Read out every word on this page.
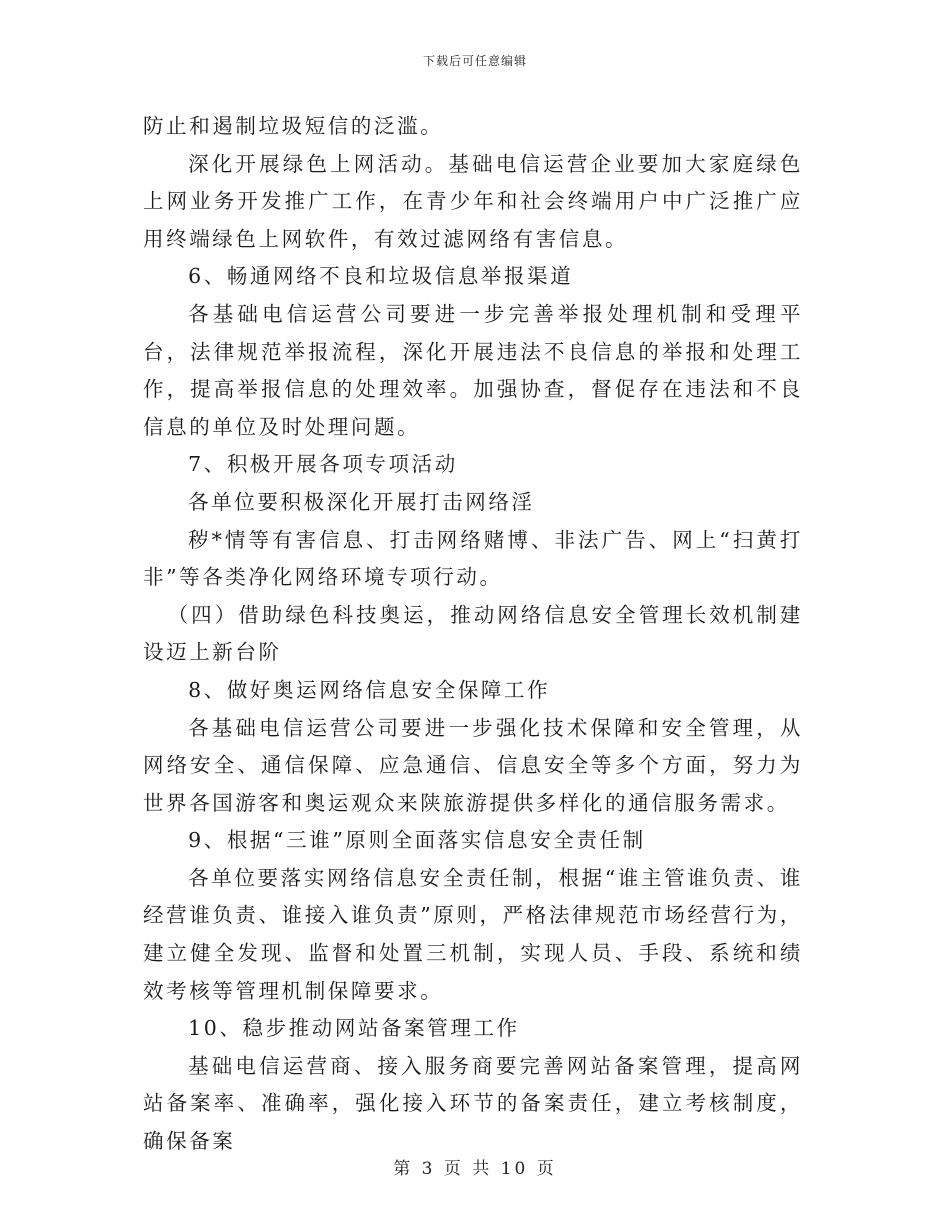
下载后可任意编辑

防止和遏制垃圾短信的泛滥。

深化开展绿色上网活动。基础电信运营企业要加大家庭绿色上网业务开发推广工作，在青少年和社会终端用户中广泛推广应用终端绿色上网软件，有效过滤网络有害信息。

6、畅通网络不良和垃圾信息举报渠道

各基础电信运营公司要进一步完善举报处理机制和受理平台，法律规范举报流程，深化开展违法不良信息的举报和处理工作，提高举报信息的处理效率。加强协查，督促存在违法和不良信息的单位及时处理问题。

7、积极开展各项专项活动

各单位要积极深化开展打击网络淫

秽*情等有害信息、打击网络赌博、非法广告、网上“扫黄打非”等各类净化网络环境专项行动。

（四）借助绿色科技奥运，推动网络信息安全管理长效机制建设迈上新台阶

8、做好奥运网络信息安全保障工作

各基础电信运营公司要进一步强化技术保障和安全管理，从网络安全、通信保障、应急通信、信息安全等多个方面，努力为世界各国游客和奥运观众来陕旅游提供多样化的通信服务需求。

9、根据“三谁”原则全面落实信息安全责任制

各单位要落实网络信息安全责任制，根据“谁主管谁负责、谁经营谁负责、谁接入谁负责”原则，严格法律规范市场经营行为，建立健全发现、监督和处置三机制，实现人员、手段、系统和绩效考核等管理机制保障要求。

10、稳步推动网站备案管理工作

基础电信运营商、接入服务商要完善网站备案管理，提高网站备案率、准确率，强化接入环节的备案责任，建立考核制度，确保备案

第 3 页 共 10 页
